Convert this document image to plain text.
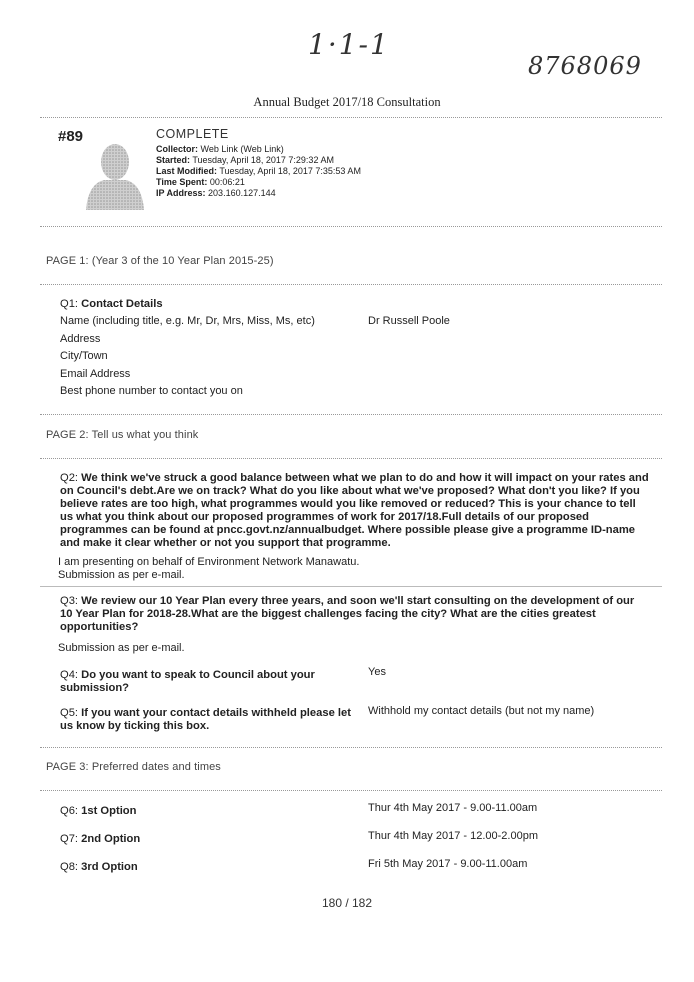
1·1-1
8768069
Annual Budget 2017/18 Consultation
#89	COMPLETE
Collector: Web Link (Web Link)
Started: Tuesday, April 18, 2017 7:29:32 AM
Last Modified: Tuesday, April 18, 2017 7:35:53 AM
Time Spent: 00:06:21
IP Address: 203.160.127.144
PAGE 1: (Year 3 of the 10 Year Plan 2015-25)
Q1: Contact Details
Name (including title, e.g. Mr, Dr, Mrs, Miss, Ms, etc)	Dr Russell Poole
Address
City/Town
Email Address
Best phone number to contact you on
PAGE 2: Tell us what you think
Q2: We think we've struck a good balance between what we plan to do and how it will impact on your rates and
on Council's debt.Are we on track? What do you like about what we've proposed? What don't you like? If you
believe rates are too high, what programmes would you like removed or reduced? This is your chance to tell
us what you think about our proposed programmes of work for 2017/18.Full details of our proposed
programmes can be found at pncc.govt.nz/annualbudget. Where possible please give a programme ID-name
and make it clear whether or not you support that programme.
I am presenting on behalf of Environment Network Manawatu.
Submission as per e-mail.
Q3: We review our 10 Year Plan every three years, and soon we'll start consulting on the development of our
10 Year Plan for 2018-28.What are the biggest challenges facing the city? What are the cities greatest
opportunities?
Submission as per e-mail.
Q4: Do you want to speak to Council about your
submission?
Yes
Q5: If you want your contact details withheld please let
us know by ticking this box.
Withhold my contact details (but not my name)
PAGE 3: Preferred dates and times
Q6: 1st Option	Thur 4th May 2017 - 9.00-11.00am
Q7: 2nd Option	Thur 4th May 2017 - 12.00-2.00pm
Q8: 3rd Option	Fri 5th May 2017 - 9.00-11.00am
180 / 182
